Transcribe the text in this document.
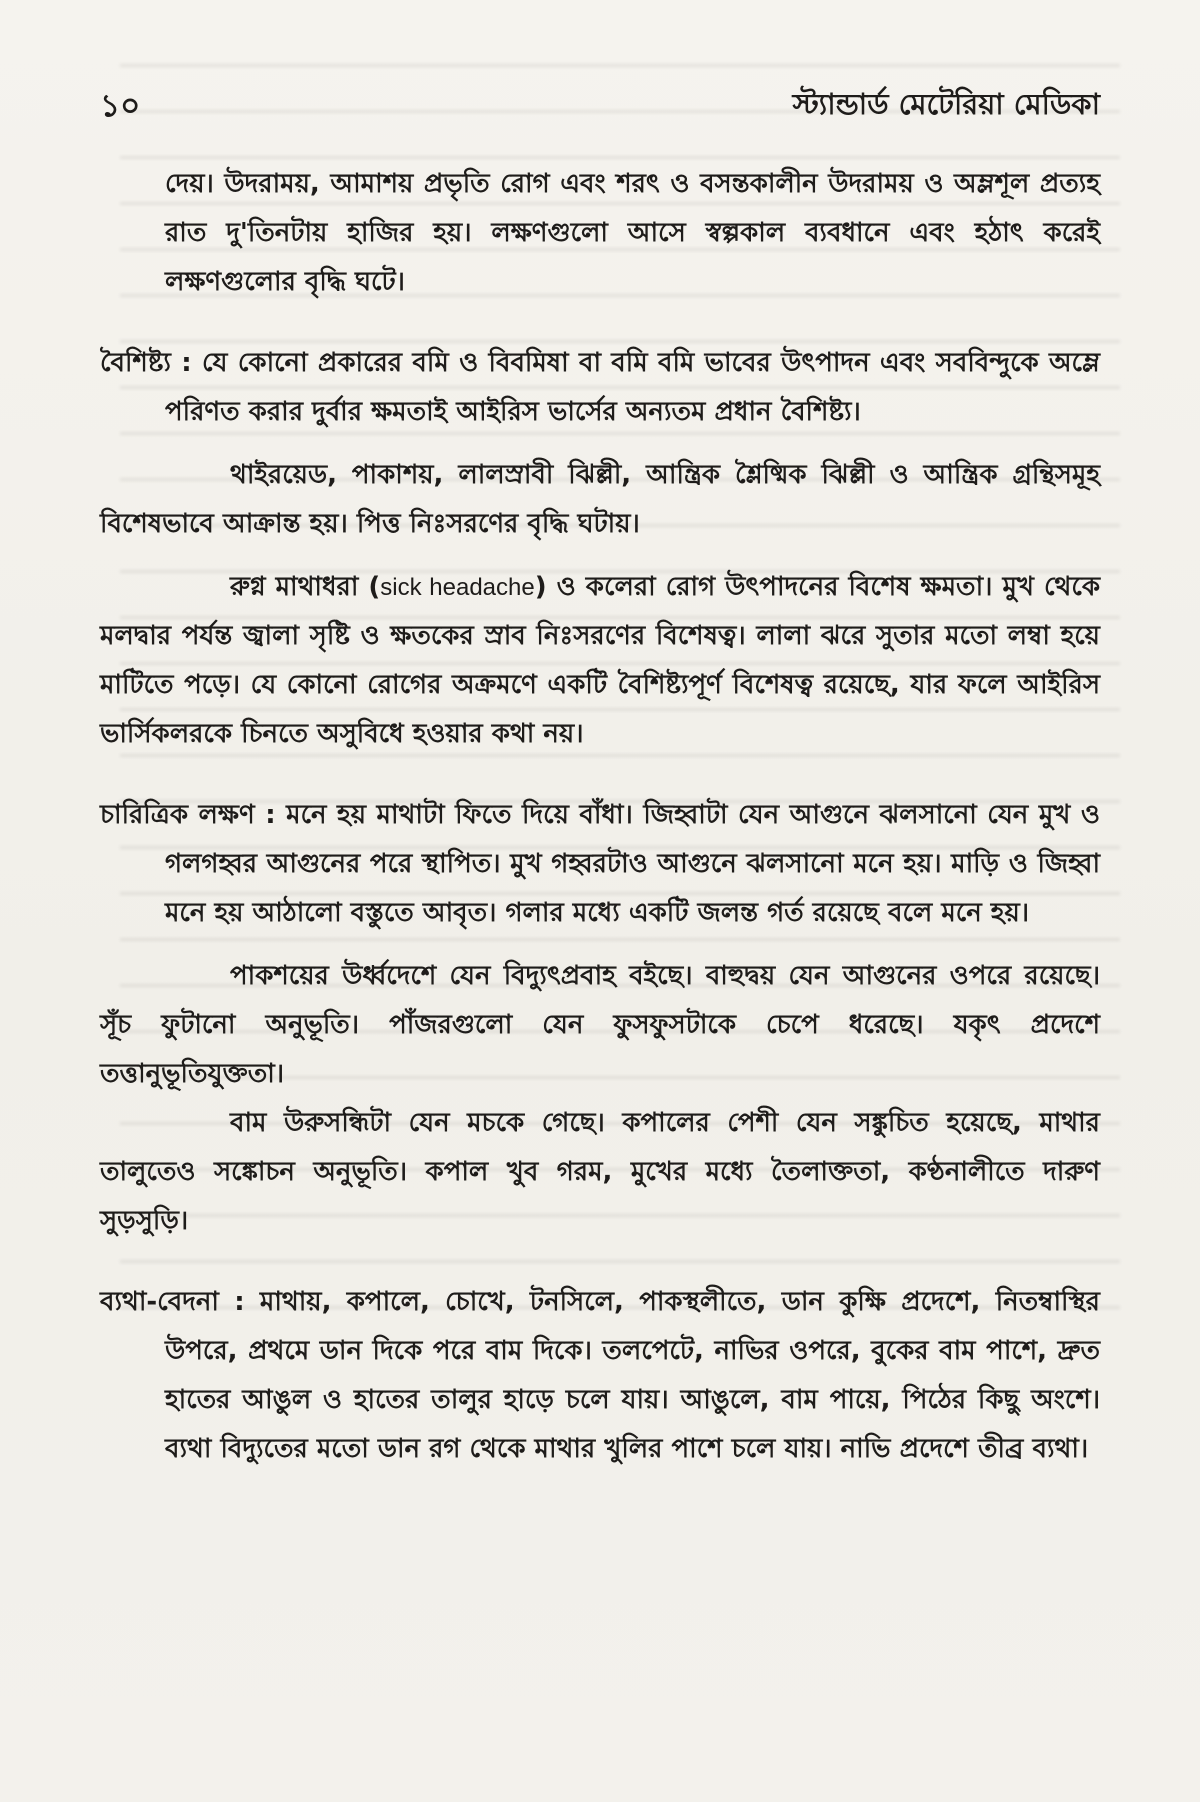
১০	স্ট্যান্ডার্ড মেটেরিয়া মেডিকা

দেয়। উদরাময়, আমাশয় প্রভৃতি রোগ এবং শরৎ ও বসন্তকালীন উদরাময় ও অম্লশূল প্রত্যহ রাত দু'তিনটায় হাজির হয়। লক্ষণগুলো আসে স্বল্পকাল ব্যবধানে এবং হঠাৎ করেই লক্ষণগুলোর বৃদ্ধি ঘটে।

বৈশিষ্ট্য : যে কোনো প্রকারের বমি ও বিবমিষা বা বমি বমি ভাবের উৎপাদন এবং সববিন্দুকে অম্লে পরিণত করার দুর্বার ক্ষমতাই আইরিস ভার্সের অন্যতম প্রধান বৈশিষ্ট্য।

থাইরয়েড, পাকাশয়, লালস্রাবী ঝিল্লী, আন্ত্রিক শ্লৈষ্মিক ঝিল্লী ও আন্ত্রিক গ্রন্থিসমূহ বিশেষভাবে আক্রান্ত হয়। পিত্ত নিঃসরণের বৃদ্ধি ঘটায়।

রুগ্ন মাথাধরা (sick headache) ও কলেরা রোগ উৎপাদনের বিশেষ ক্ষমতা। মুখ থেকে মলদ্বার পর্যন্ত জ্বালা সৃষ্টি ও ক্ষতকের স্রাব নিঃসরণের বিশেষত্ব। লালা ঝরে সুতার মতো লম্বা হয়ে মাটিতে পড়ে। যে কোনো রোগের অক্রমণে একটি বৈশিষ্ট্যপূর্ণ বিশেষত্ব রয়েছে, যার ফলে আইরিস ভার্সিকলরকে চিনতে অসুবিধে হওয়ার কথা নয়।

চারিত্রিক লক্ষণ : মনে হয় মাথাটা ফিতে দিয়ে বাঁধা। জিহ্বাটা যেন আগুনে ঝলসানো যেন মুখ ও গলগহ্বর আগুনের পরে স্থাপিত। মুখ গহ্বরটাও আগুনে ঝলসানো মনে হয়। মাড়ি ও জিহ্বা মনে হয় আঠালো বস্তুতে আবৃত। গলার মধ্যে একটি জলন্ত গর্ত রয়েছে বলে মনে হয়।

পাকশয়ের উর্ধ্বদেশে যেন বিদ্যুৎপ্রবাহ বইছে। বাহুদ্বয় যেন আগুনের ওপরে রয়েছে। সূঁচ ফুটানো অনুভূতি। পাঁজরগুলো যেন ফুসফুসটাকে চেপে ধরেছে। যকৃৎ প্রদেশে তত্তানুভূতিযুক্ততা।

বাম উরুসন্ধিটা যেন মচকে গেছে। কপালের পেশী যেন সঙ্কুচিত হয়েছে, মাথার তালুতেও সঙ্কোচন অনুভূতি। কপাল খুব গরম, মুখের মধ্যে তৈলাক্ততা, কণ্ঠনালীতে দারুণ সুড়সুড়ি।

ব্যথা-বেদনা : মাথায়, কপালে, চোখে, টনসিলে, পাকস্থলীতে, ডান কুক্ষি প্রদেশে, নিতম্বাস্থির উপরে, প্রথমে ডান দিকে পরে বাম দিকে। তলপেটে, নাভির ওপরে, বুকের বাম পাশে, দ্রুত হাতের আঙুল ও হাতের তালুর হাড়ে চলে যায়। আঙুলে, বাম পায়ে, পিঠের কিছু অংশে। ব্যথা বিদ্যুতের মতো ডান রগ থেকে মাথার খুলির পাশে চলে যায়। নাভি প্রদেশে তীব্র ব্যথা।
